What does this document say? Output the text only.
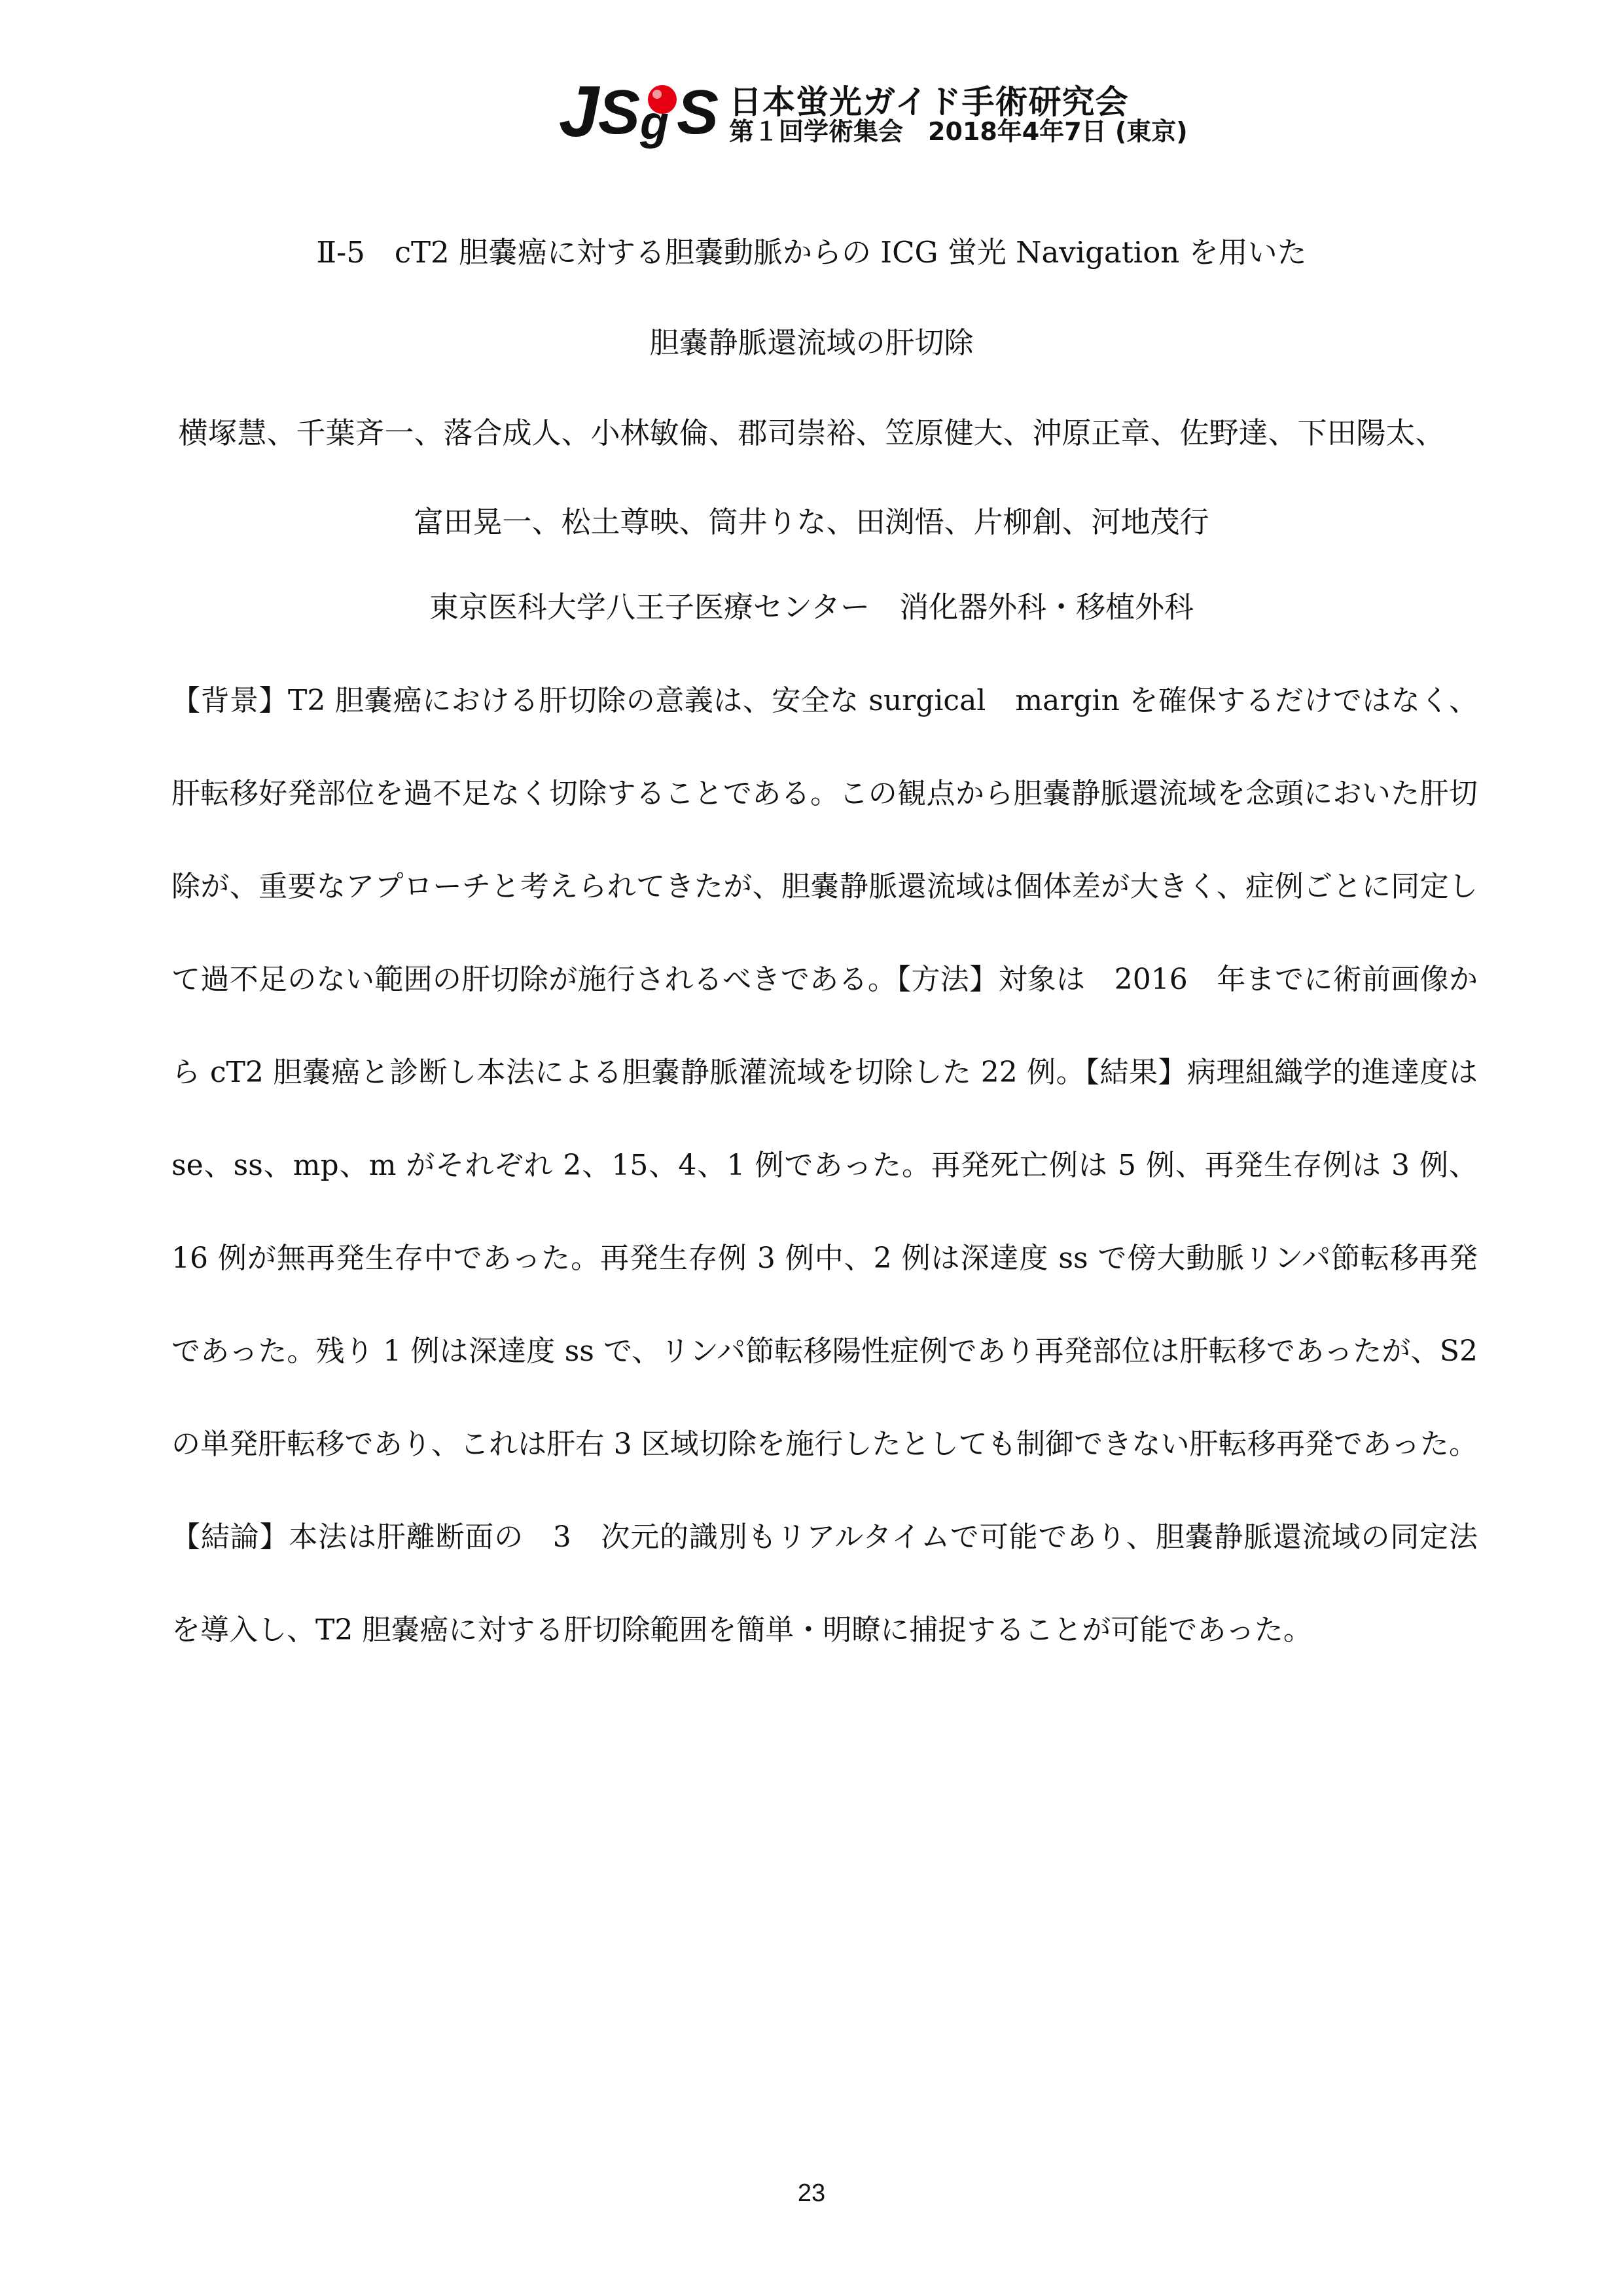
J
S g S 日本蛍光ガイド手術研究会
第１回学術集会　2018年4年7日 (東京)
Ⅱ-5　cT2 胆嚢癌に対する胆嚢動脈からの ICG 蛍光 Navigation を用いた
胆嚢静脈還流域の肝切除
横塚慧、千葉斉一、落合成人、小林敏倫、郡司崇裕、笠原健大、沖原正章、佐野達、下田陽太、
富田晃一、松土尊映、筒井りな、田渕悟、片柳創、河地茂行
東京医科大学八王子医療センター　消化器外科・移植外科

【背景】T2 胆嚢癌における肝切除の意義は、安全な surgical　margin を確保するだけではなく、肝転移好発部位を過不足なく切除することである。この観点から胆嚢静脈還流域を念頭においた肝切除が、重要なアプローチと考えられてきたが、胆嚢静脈還流域は個体差が大きく、症例ごとに同定して過不足のない範囲の肝切除が施行されるべきである。【方法】対象は　2016　年までに術前画像から cT2 胆嚢癌と診断し本法による胆嚢静脈灌流域を切除した 22 例。【結果】病理組織学的進達度は se、ss、mp、m がそれぞれ 2、15、4、1 例であった。再発死亡例は 5 例、再発生存例は 3 例、16 例が無再発生存中であった。再発生存例 3 例中、2 例は深達度 ss で傍大動脈リンパ節転移再発であった。残り 1 例は深達度 ss で、リンパ節転移陽性症例であり再発部位は肝転移であったが、S2 の単発肝転移であり、これは肝右 3 区域切除を施行したとしても制御できない肝転移再発であった。【結論】本法は肝離断面の　3　次元的識別もリアルタイムで可能であり、胆嚢静脈還流域の同定法を導入し、T2 胆嚢癌に対する肝切除範囲を簡単・明瞭に捕捉することが可能であった。

23
